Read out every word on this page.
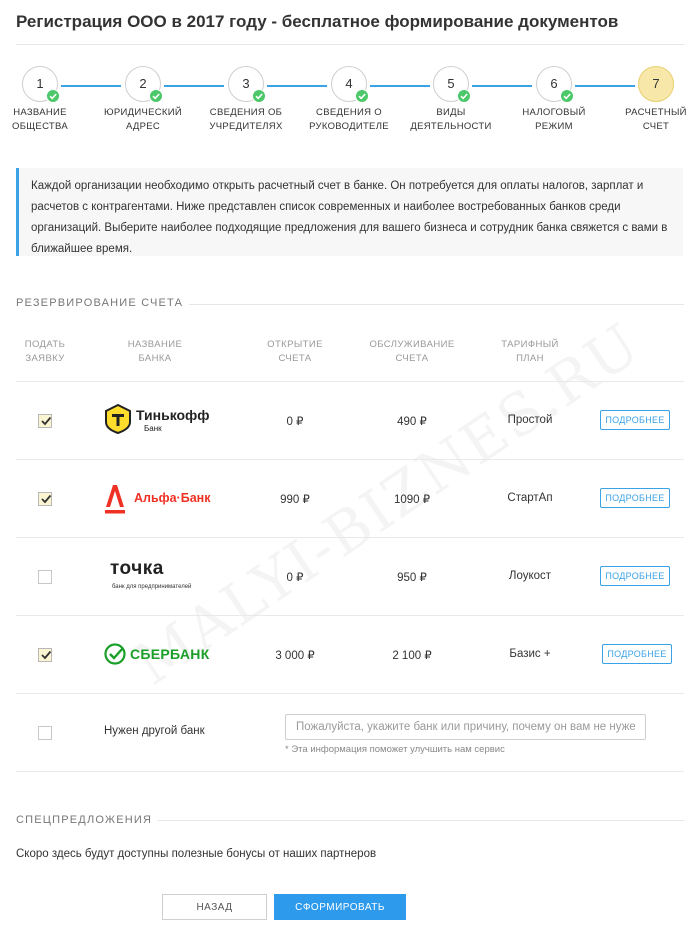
Регистрация ООО в 2017 году - бесплатное формирование документов
1
НАЗВАНИЕ
ОБЩЕСТВА
2
ЮРИДИЧЕСКИЙ
АДРЕС
3
СВЕДЕНИЯ ОБ
УЧРЕДИТЕЛЯХ
4
СВЕДЕНИЯ О
РУКОВОДИТЕЛЕ
5
ВИДЫ
ДЕЯТЕЛЬНОСТИ
6
НАЛОГОВЫЙ
РЕЖИМ
7
РАСЧЕТНЫЙ
СЧЕТ
Каждой организации необходимо открыть расчетный счет в банке. Он потребуется для оплаты налогов, зарплат и расчетов с контрагентами. Ниже представлен список современных и наиболее востребованных банков среди организаций. Выберите наиболее подходящие предложения для вашего бизнеса и сотрудник банка свяжется с вами в ближайшее время.
РЕЗЕРВИРОВАНИЕ СЧЕТА
ПОДАТЬ
ЗАЯВКУ
НАЗВАНИЕ
БАНКА
ОТКРЫТИЕ
СЧЕТА
ОБСЛУЖИВАНИЕ
СЧЕТА
ТАРИФНЫЙ
ПЛАН
Тинькофф
Банк
0 ₽	490 ₽	Простой	ПОДРОБНЕЕ
Альфа·Банк	990 ₽	1090 ₽	СтартАп	ПОДРОБНЕЕ
точка
банк для предпринимателей
0 ₽	950 ₽	Лоукост	ПОДРОБНЕЕ
СБЕРБАНК	3 000 ₽	2 100 ₽	Базис +	ПОДРОБНЕЕ
Нужен другой банк
Пожалуйста, укажите банк или причину, почему он вам не нужен
* Эта информация поможет улучшить нам сервис
СПЕЦПРЕДЛОЖЕНИЯ
Скоро здесь будут доступны полезные бонусы от наших партнеров
НАЗАД	СФОРМИРОВАТЬ
